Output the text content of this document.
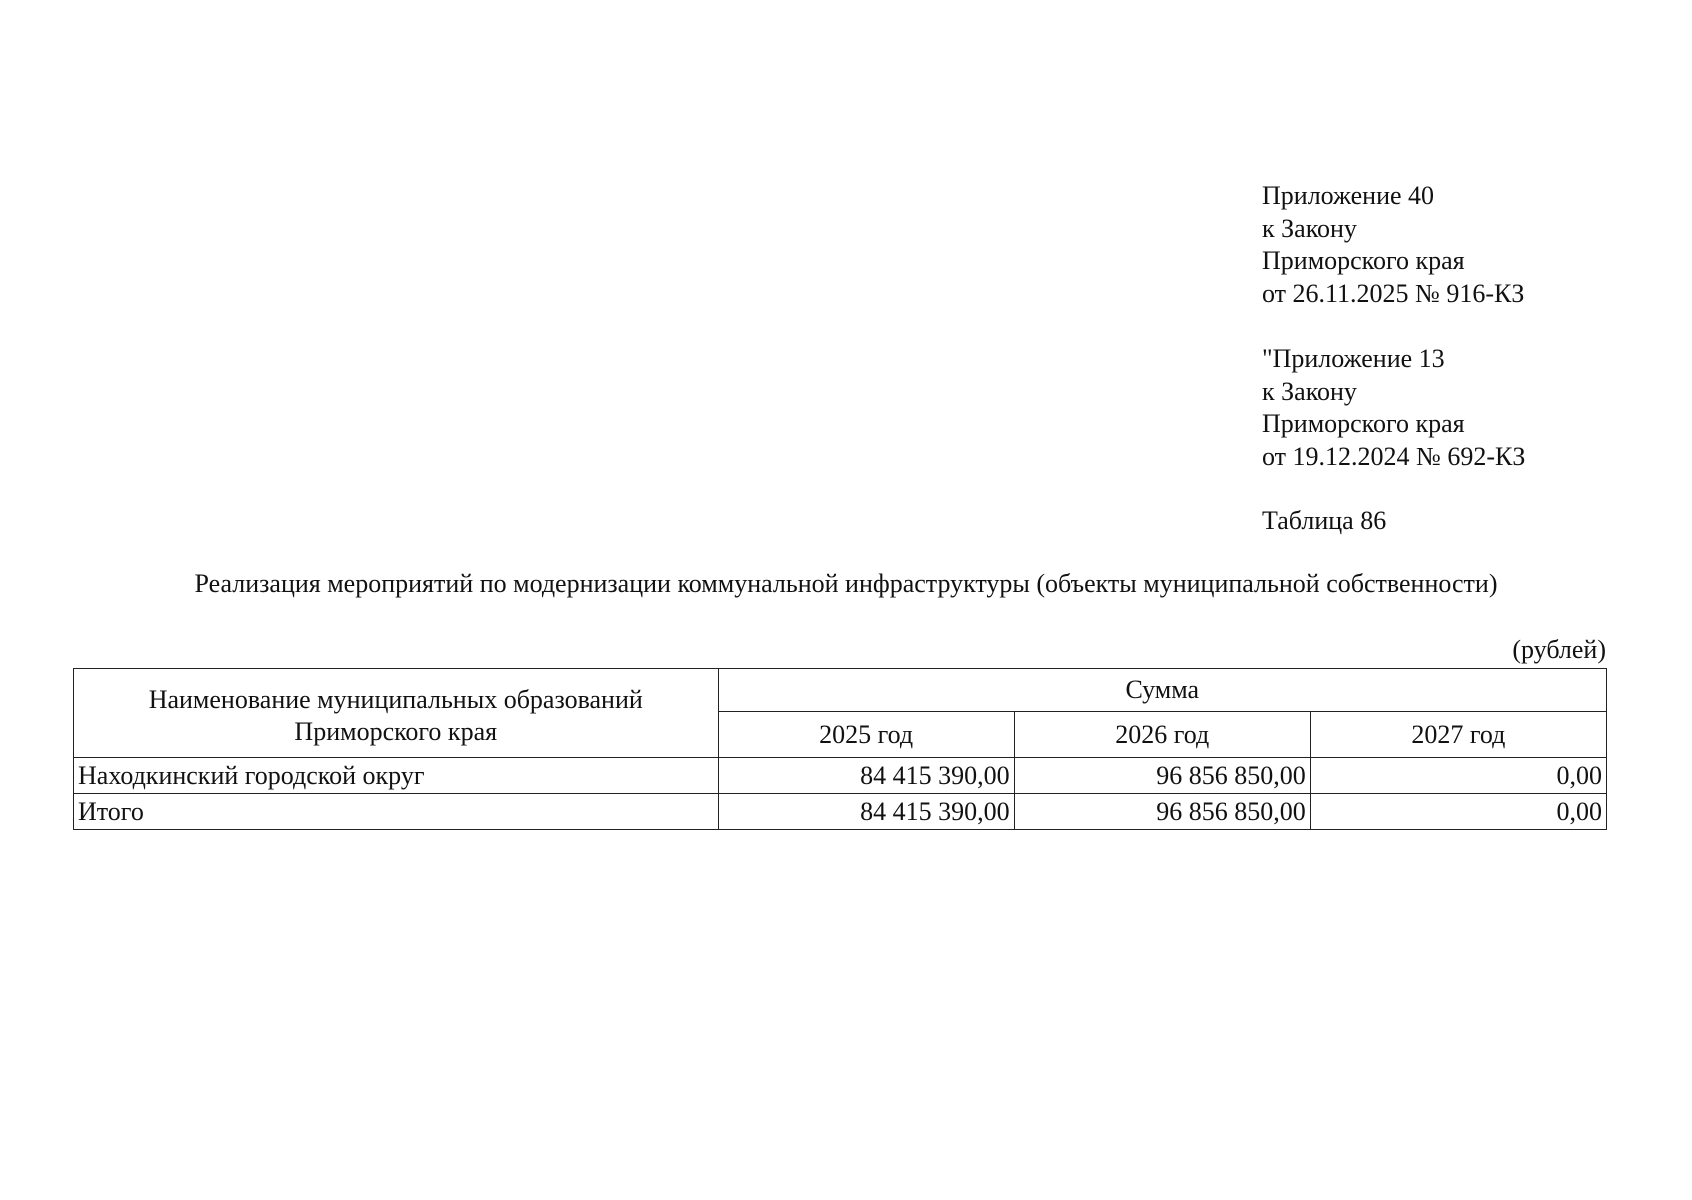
Приложение 40
к Закону
Приморского края
от 26.11.2025 № 916-КЗ
"Приложение 13
к Закону
Приморского края
от 19.12.2024 № 692-КЗ
Таблица 86
Реализация мероприятий по модернизации коммунальной инфраструктуры (объекты муниципальной собственности)
(рублей)
Наименование муниципальных образований
Приморского края	Сумма		
	2025 год	2026 год	2027 год
Находкинский городской округ	84 415 390,00	96 856 850,00	0,00
Итого	84 415 390,00	96 856 850,00	0,00
